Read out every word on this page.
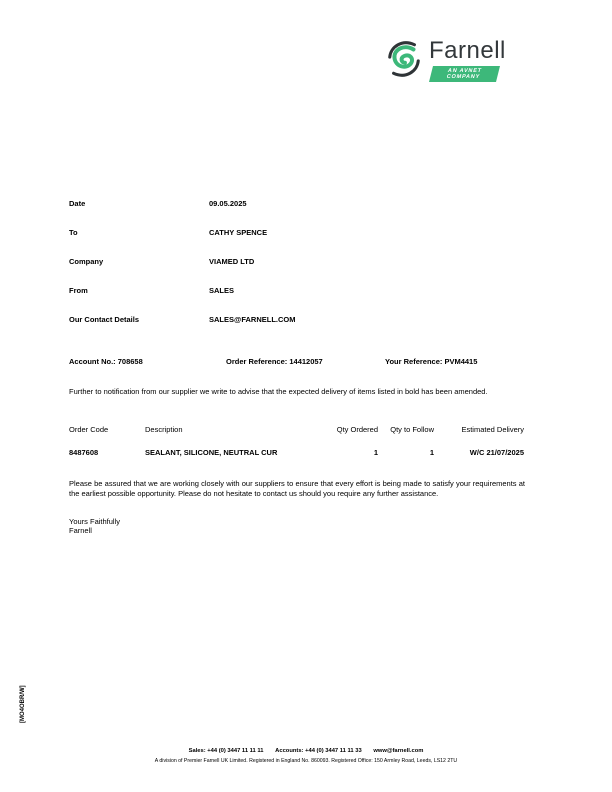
Farnell
AN AVNET COMPANY
Date	09.05.2025
To	CATHY SPENCE
Company	VIAMED LTD
From	SALES
Our Contact Details	SALES@FARNELL.COM
Account No.: 708658	Order Reference: 14412057	Your Reference: PVM4415
Further to notification from our supplier we write to advise that the expected delivery of items listed in bold has been amended.
Order Code	Description	Qty Ordered	Qty to Follow	Estimated Delivery
8487608	SEALANT, SILICONE, NEUTRAL CUR	1	1	W/C 21/07/2025
Please be assured that we are working closely with our suppliers to ensure that every effort is being made to satisfy your requirements at the earliest possible opportunity. Please do not hesitate to contact us should you require any further assistance.
Yours Faithfully
Farnell
[MO4OBR/W]
Sales: +44 (0) 3447 11 11 11 Accounts: +44 (0) 3447 11 11 33 www@farnell.com
A division of Premier Farnell UK Limited. Registered in England No. 860093. Registered Office: 150 Armley Road, Leeds, LS12 2TU
